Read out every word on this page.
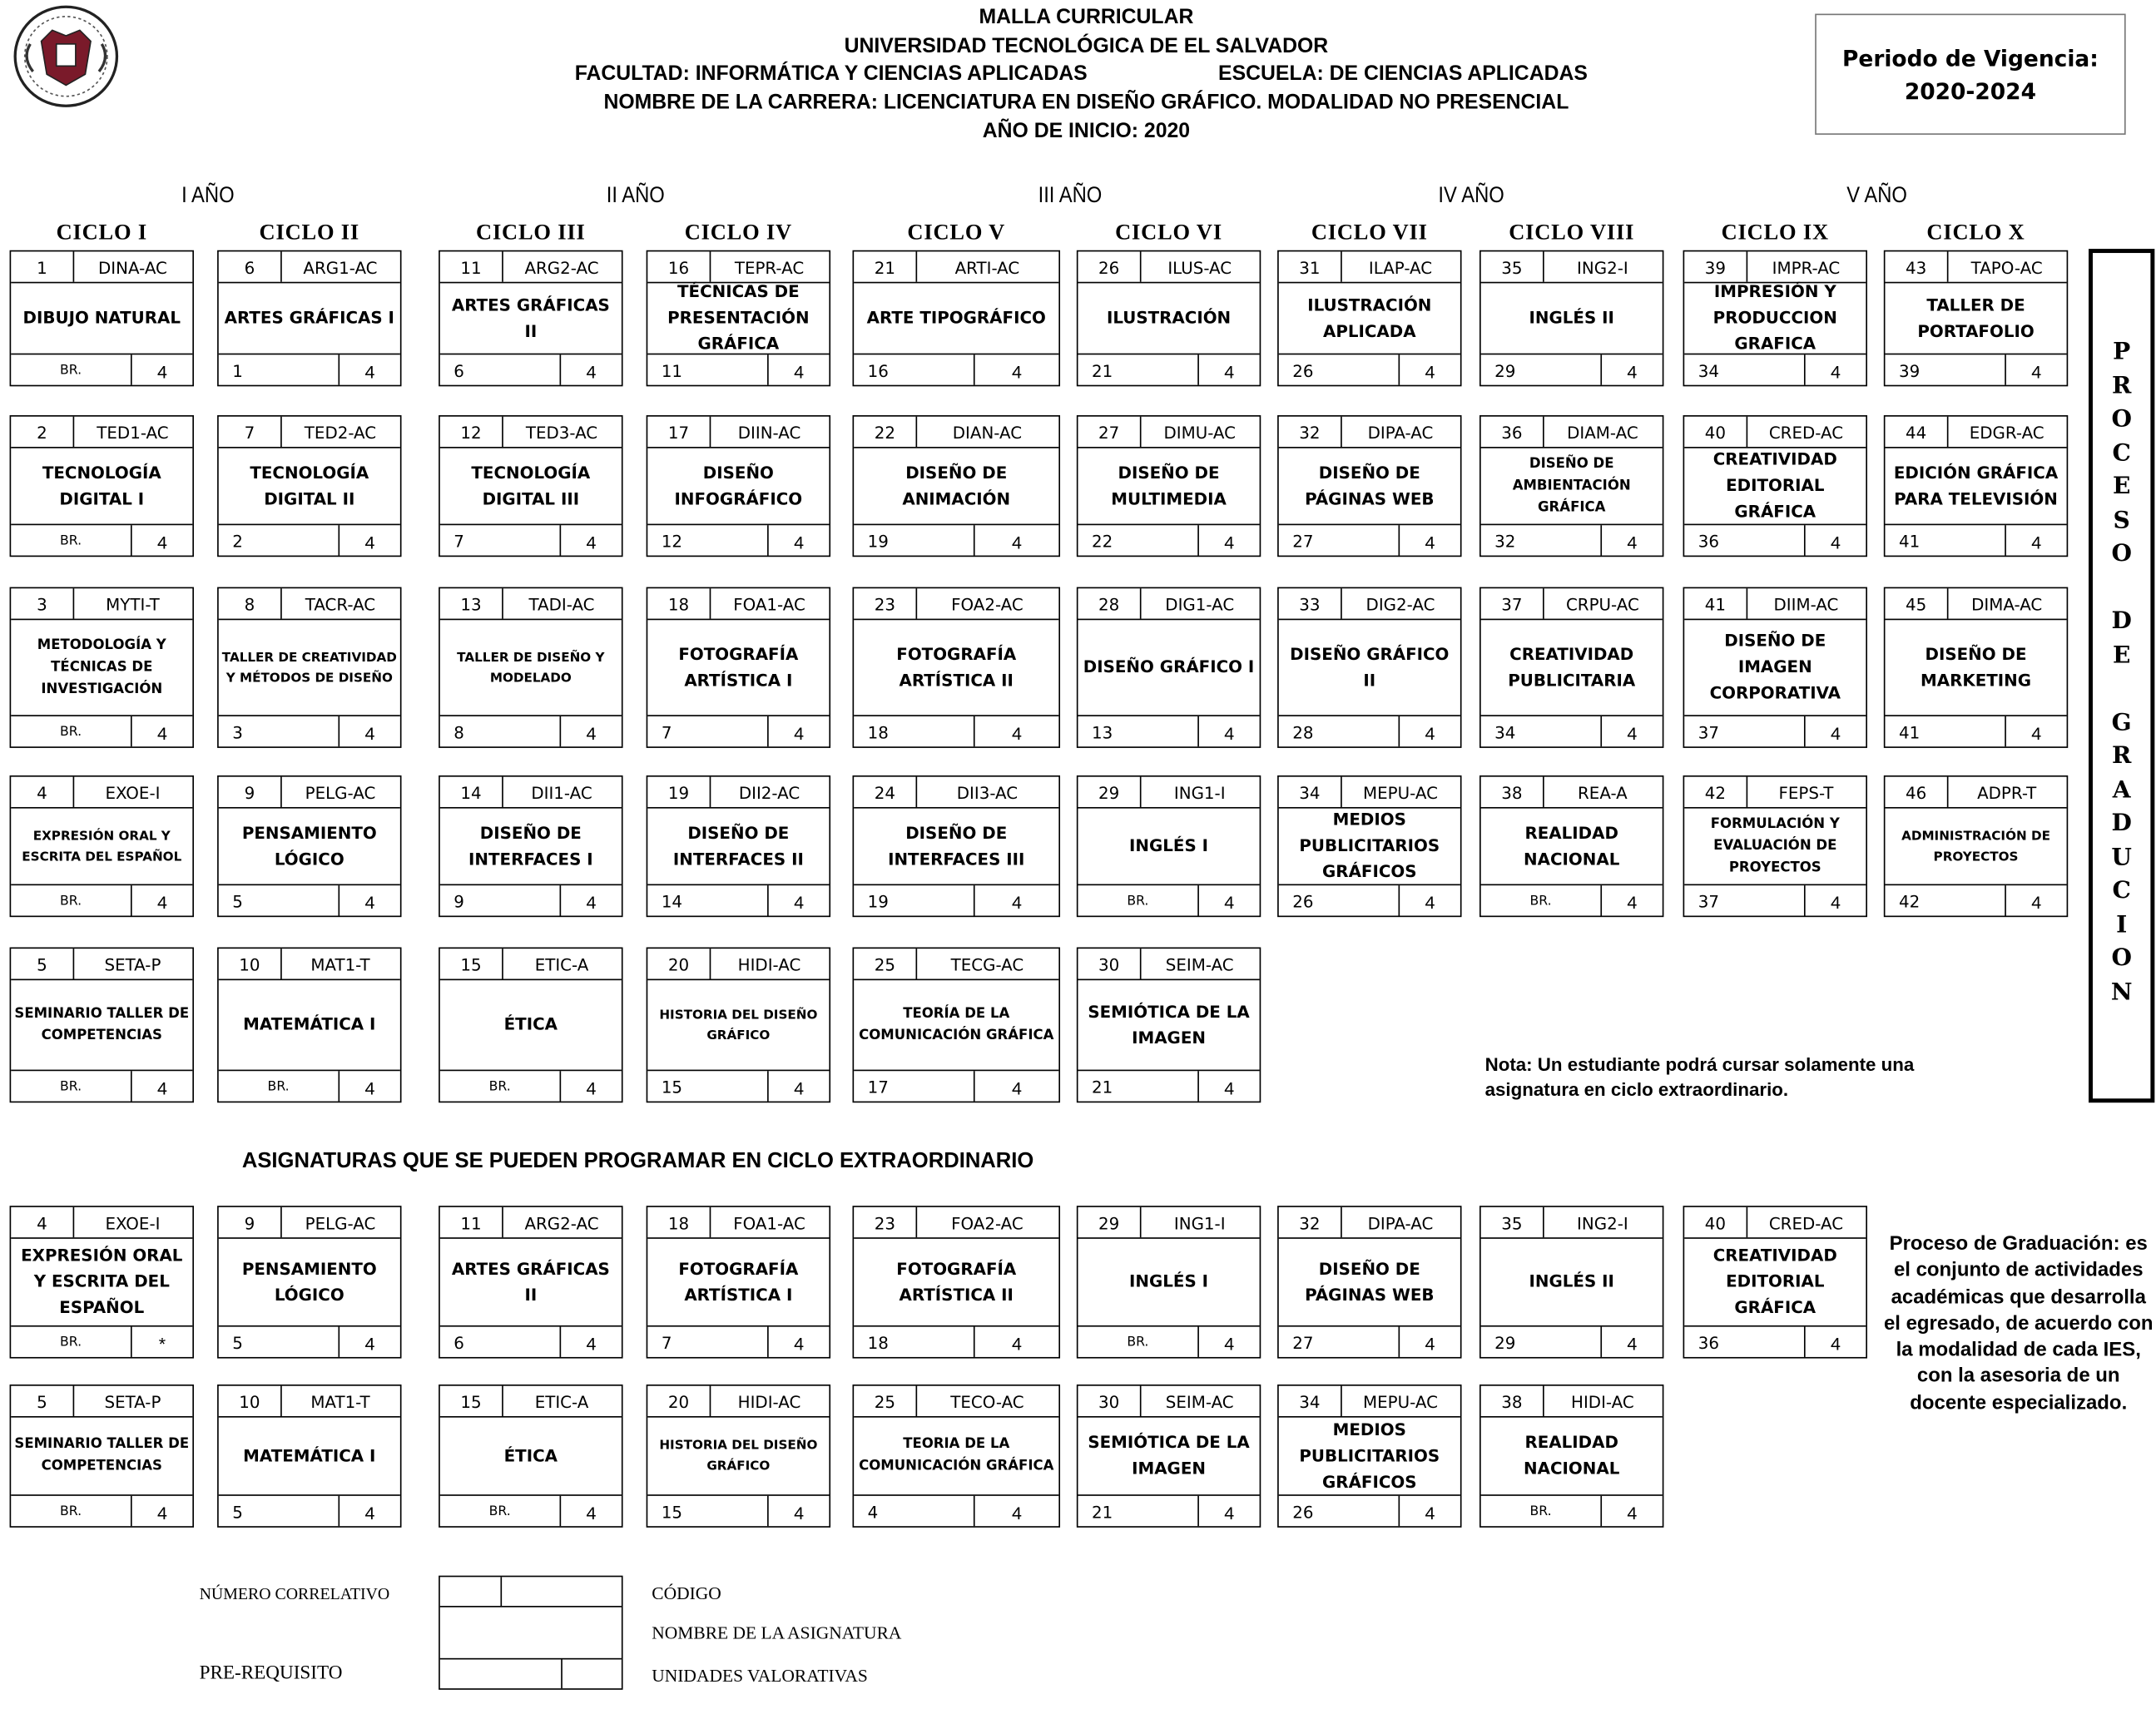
MALLA CURRICULAR
UNIVERSIDAD TECNOLÓGICA DE EL SALVADOR
FACULTAD: INFORMÁTICA Y CIENCIAS APLICADAS	ESCUELA: DE CIENCIAS APLICADAS
NOMBRE DE LA CARRERA: LICENCIATURA EN DISEÑO GRÁFICO. MODALIDAD NO PRESENCIAL
AÑO DE INICIO: 2020
Periodo de Vigencia:
2020-2024
I AÑO	II AÑO	III AÑO	IV AÑO	V AÑO
CICLO I	CICLO II	CICLO III	CICLO IV	CICLO V	CICLO VI	CICLO VII	CICLO VIII	CICLO IX	CICLO X
1	DINA-AC
DIBUJO NATURAL
BR.	4
2	TED1-AC
TECNOLOGÍA DIGITAL I
BR.	4
3	MYTI-T
METODOLOGÍA Y TÉCNICAS DE INVESTIGACIÓN
BR.	4
4	EXOE-I
EXPRESIÓN ORAL Y ESCRITA DEL ESPAÑOL
BR.	4
5	SETA-P
SEMINARIO TALLER DE COMPETENCIAS
BR.	4
6	ARG1-AC
ARTES GRÁFICAS I
1	4
7	TED2-AC
TECNOLOGÍA DIGITAL II
2	4
8	TACR-AC
TALLER DE CREATIVIDAD Y MÉTODOS DE DISEÑO
3	4
9	PELG-AC
PENSAMIENTO LÓGICO
5	4
10	MAT1-T
MATEMÁTICA I
BR.	4
11	ARG2-AC
ARTES GRÁFICAS II
6	4
12	TED3-AC
TECNOLOGÍA DIGITAL III
7	4
13	TADI-AC
TALLER DE DISEÑO Y MODELADO
8	4
14	DII1-AC
DISEÑO DE INTERFACES I
9	4
15	ETIC-A
ÉTICA
BR.	4
16	TEPR-AC
TÉCNICAS DE PRESENTACIÓN GRÁFICA
11	4
17	DIIN-AC
DISEÑO INFOGRÁFICO
12	4
18	FOA1-AC
FOTOGRAFÍA ARTÍSTICA I
7	4
19	DII2-AC
DISEÑO DE INTERFACES II
14	4
20	HIDI-AC
HISTORIA DEL DISEÑO GRÁFICO
15	4
21	ARTI-AC
ARTE TIPOGRÁFICO
16	4
22	DIAN-AC
DISEÑO DE ANIMACIÓN
19	4
23	FOA2-AC
FOTOGRAFÍA ARTÍSTICA II
18	4
24	DII3-AC
DISEÑO DE INTERFACES III
19	4
25	TECG-AC
TEORÍA DE LA COMUNICACIÓN GRÁFICA
17	4
26	ILUS-AC
ILUSTRACIÓN
21	4
27	DIMU-AC
DISEÑO DE MULTIMEDIA
22	4
28	DIG1-AC
DISEÑO GRÁFICO I
13	4
29	ING1-I
INGLÉS I
BR.	4
30	SEIM-AC
SEMIÓTICA DE LA IMAGEN
21	4
31	ILAP-AC
ILUSTRACIÓN APLICADA
26	4
32	DIPA-AC
DISEÑO DE PÁGINAS WEB
27	4
33	DIG2-AC
DISEÑO GRÁFICO II
28	4
34	MEPU-AC
MEDIOS PUBLICITARIOS GRÁFICOS
26	4
35	ING2-I
INGLÉS II
29	4
36	DIAM-AC
DISEÑO DE AMBIENTACIÓN GRÁFICA
32	4
37	CRPU-AC
CREATIVIDAD PUBLICITARIA
34	4
38	REA-A
REALIDAD NACIONAL
BR.	4
39	IMPR-AC
IMPRESIÓN Y PRODUCCION GRAFICA
34	4
40	CRED-AC
CREATIVIDAD EDITORIAL GRÁFICA
36	4
41	DIIM-AC
DISEÑO DE IMAGEN CORPORATIVA
37	4
42	FEPS-T
FORMULACIÓN Y EVALUACIÓN DE PROYECTOS
37	4
43	TAPO-AC
TALLER DE PORTAFOLIO
39	4
44	EDGR-AC
EDICIÓN GRÁFICA PARA TELEVISIÓN
41	4
45	DIMA-AC
DISEÑO DE MARKETING
41	4
46	ADPR-T
ADMINISTRACIÓN DE PROYECTOS
42	4
4	EXOE-I
EXPRESIÓN ORAL Y ESCRITA DEL ESPAÑOL
BR.	*
9	PELG-AC
PENSAMIENTO LÓGICO
5	4
11	ARG2-AC
ARTES GRÁFICAS II
6	4
18	FOA1-AC
FOTOGRAFÍA ARTÍSTICA I
7	4
23	FOA2-AC
FOTOGRAFÍA ARTÍSTICA II
18	4
29	ING1-I
INGLÉS I
BR.	4
32	DIPA-AC
DISEÑO DE PÁGINAS WEB
27	4
35	ING2-I
INGLÉS II
29	4
40	CRED-AC
CREATIVIDAD EDITORIAL GRÁFICA
36	4
5	SETA-P
SEMINARIO TALLER DE COMPETENCIAS
BR.	4
10	MAT1-T
MATEMÁTICA I
5	4
15	ETIC-A
ÉTICA
BR.	4
20	HIDI-AC
HISTORIA DEL DISEÑO GRÁFICO
15	4
25	TECO-AC
TEORIA DE LA COMUNICACIÓN GRÁFICA
4	4
30	SEIM-AC
SEMIÓTICA DE LA IMAGEN
21	4
34	MEPU-AC
MEDIOS PUBLICITARIOS GRÁFICOS
26	4
38	HIDI-AC
REALIDAD NACIONAL
BR.	4
P
R
O
C
E
S
O
D
E
G
R
A
D
U
C
I
O
N
Nota: Un estudiante podrá cursar solamente una asignatura en ciclo extraordinario.
ASIGNATURAS QUE SE PUEDEN PROGRAMAR EN CICLO EXTRAORDINARIO
Proceso de Graduación: es el conjunto de actividades académicas que desarrolla el egresado, de acuerdo con la modalidad de cada IES, con la asesoria de un docente especializado.
NÚMERO CORRELATIVO
PRE-REQUISITO
CÓDIGO
NOMBRE DE LA ASIGNATURA
UNIDADES VALORATIVAS
